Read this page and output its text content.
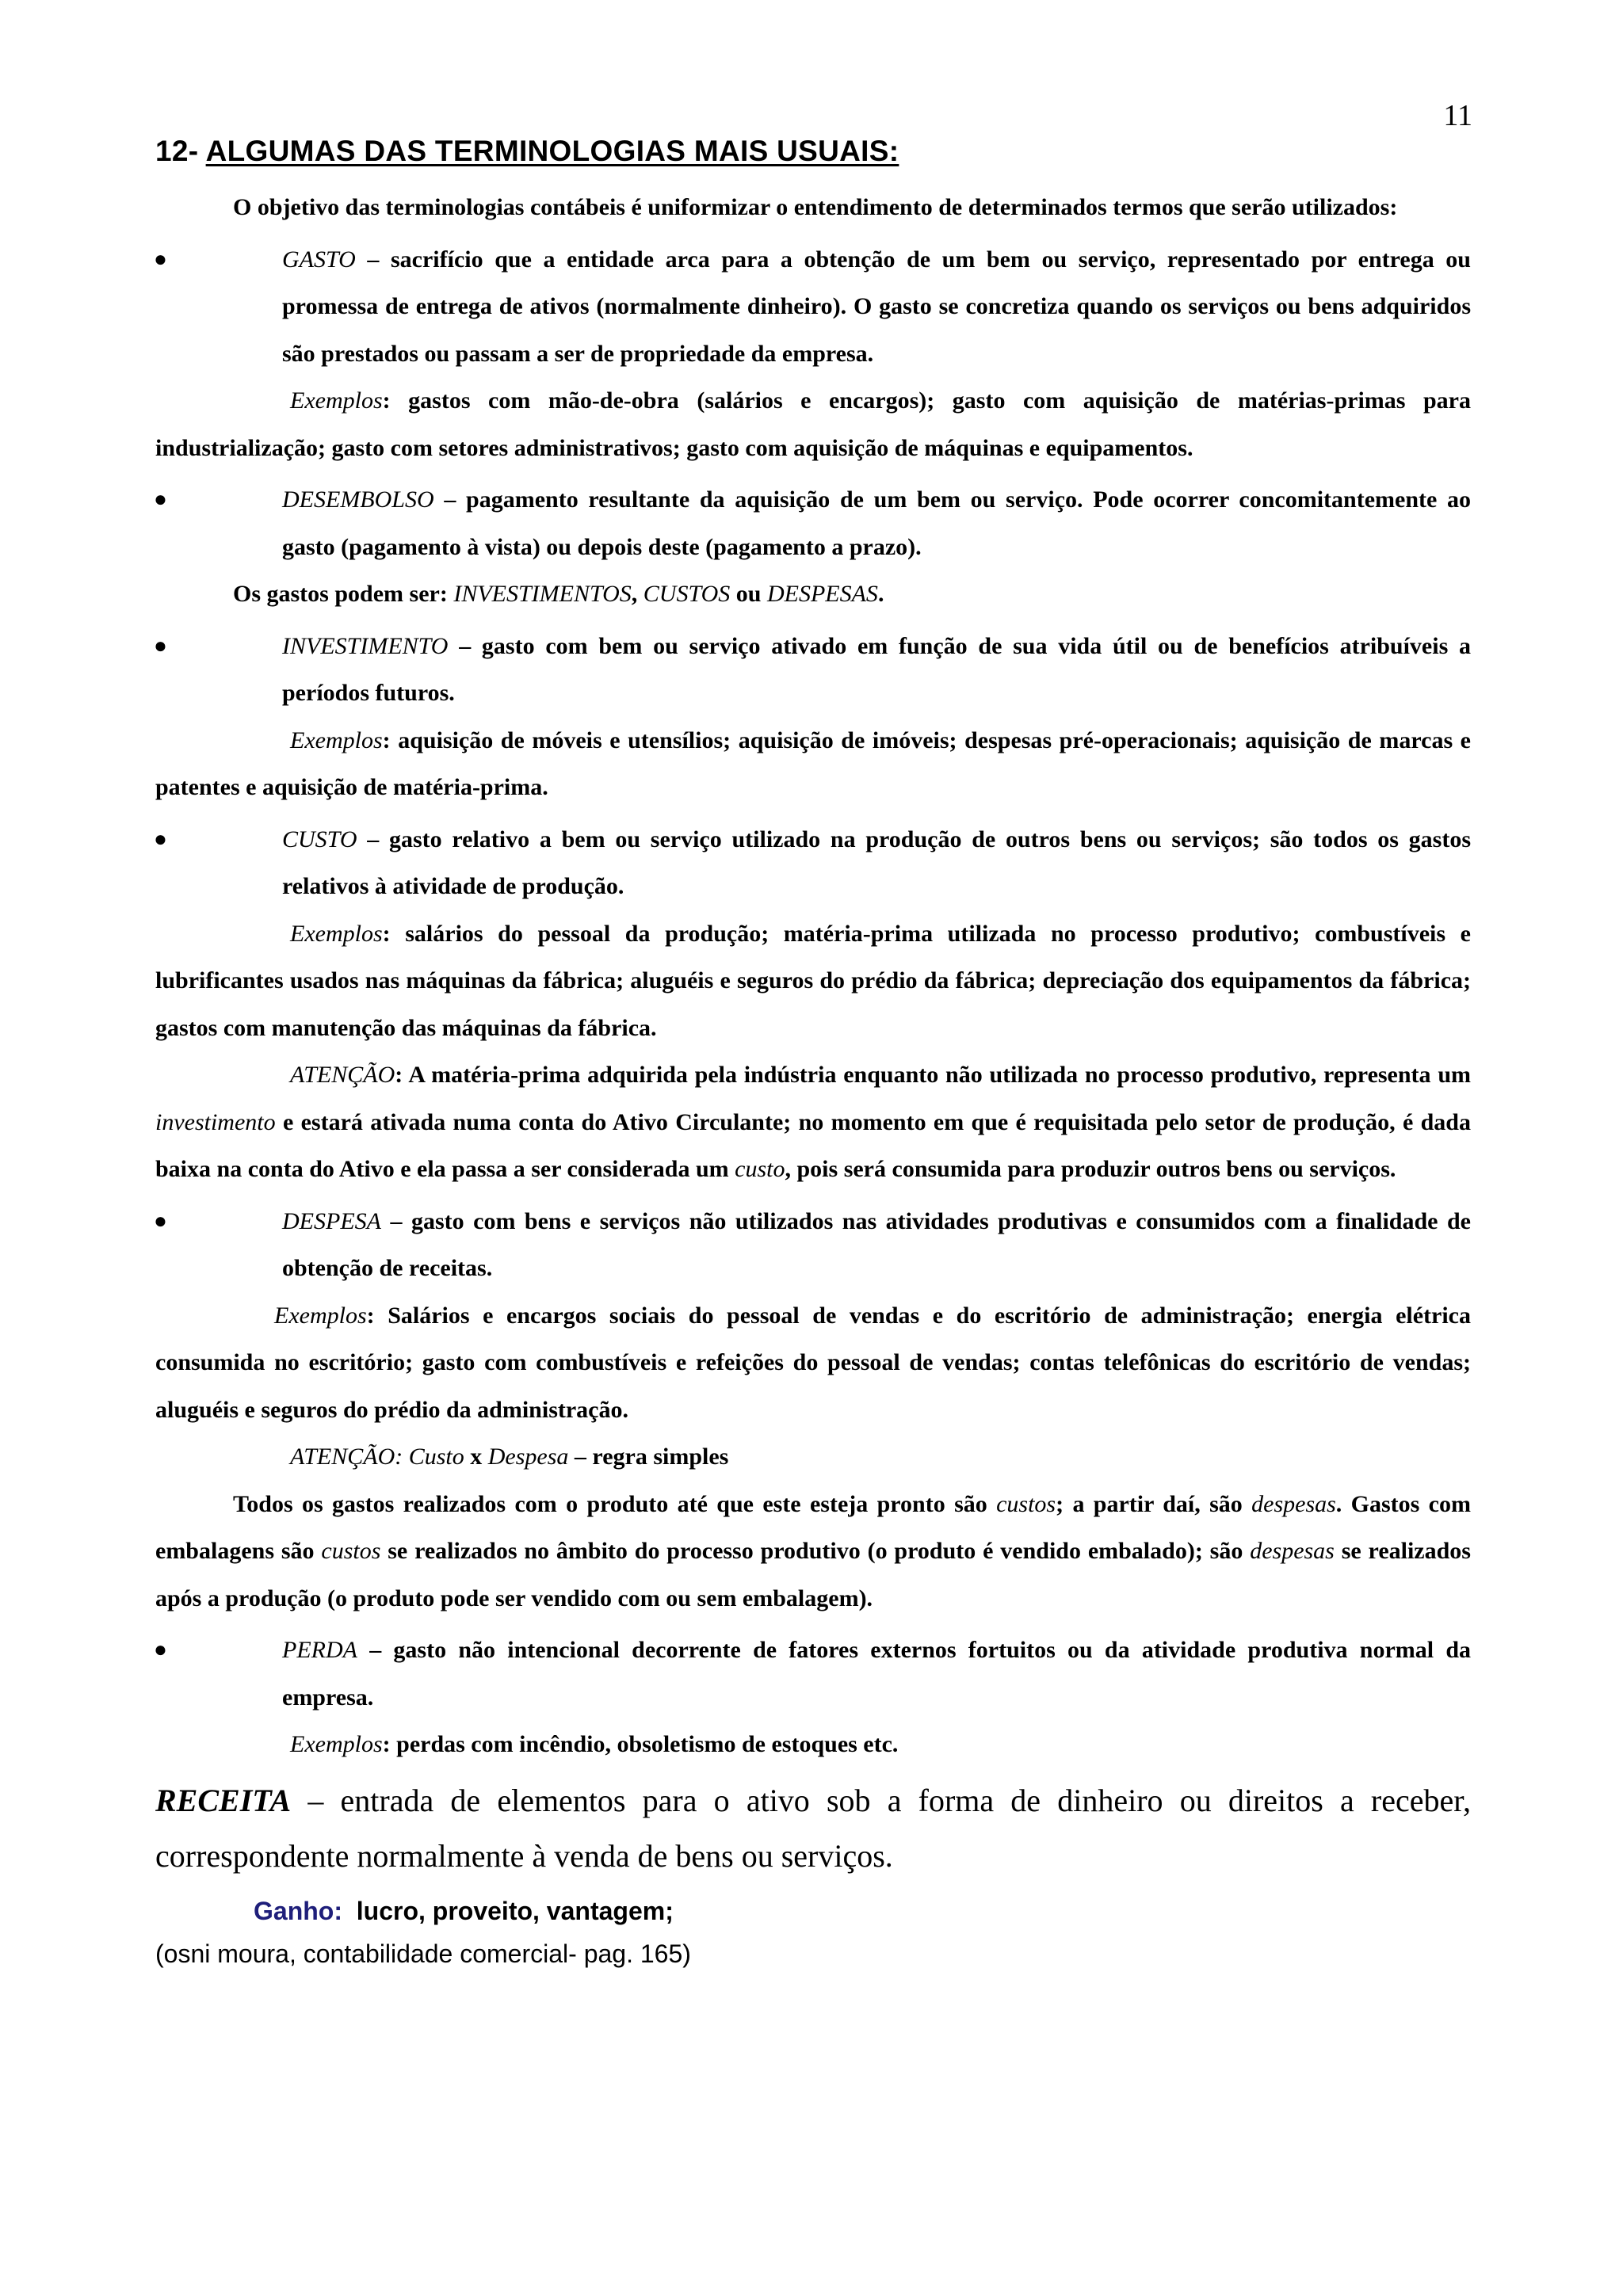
11
12- ALGUMAS DAS TERMINOLOGIAS MAIS USUAIS:

O objetivo das terminologias contábeis é uniformizar o entendimento de determinados termos que serão utilizados:

●	GASTO – sacrifício que a entidade arca para a obtenção de um bem ou serviço, representado por entrega ou promessa de entrega de ativos (normalmente dinheiro). O gasto se concretiza quando os serviços ou bens adquiridos são prestados ou passam a ser de propriedade da empresa.

Exemplos: gastos com mão-de-obra (salários e encargos); gasto com aquisição de matérias-primas para industrialização; gasto com setores administrativos; gasto com aquisição de máquinas e equipamentos.

●	DESEMBOLSO – pagamento resultante da aquisição de um bem ou serviço. Pode ocorrer concomitantemente ao gasto (pagamento à vista) ou depois deste (pagamento a prazo).

Os gastos podem ser: INVESTIMENTOS, CUSTOS ou DESPESAS.

●	INVESTIMENTO – gasto com bem ou serviço ativado em função de sua vida útil ou de benefícios atribuíveis a períodos futuros.

Exemplos: aquisição de móveis e utensílios; aquisição de imóveis; despesas pré-operacionais; aquisição de marcas e patentes e aquisição de matéria-prima.

●	CUSTO – gasto relativo a bem ou serviço utilizado na produção de outros bens ou serviços; são todos os gastos relativos à atividade de produção.

Exemplos: salários do pessoal da produção; matéria-prima utilizada no processo produtivo; combustíveis e lubrificantes usados nas máquinas da fábrica; aluguéis e seguros do prédio da fábrica; depreciação dos equipamentos da fábrica; gastos com manutenção das máquinas da fábrica.

ATENÇÃO: A matéria-prima adquirida pela indústria enquanto não utilizada no processo produtivo, representa um investimento e estará ativada numa conta do Ativo Circulante; no momento em que é requisitada pelo setor de produção, é dada baixa na conta do Ativo e ela passa a ser considerada um custo, pois será consumida para produzir outros bens ou serviços.

●	DESPESA – gasto com bens e serviços não utilizados nas atividades produtivas e consumidos com a finalidade de obtenção de receitas.

Exemplos: Salários e encargos sociais do pessoal de vendas e do escritório de administração; energia elétrica consumida no escritório; gasto com combustíveis e refeições do pessoal de vendas; contas telefônicas do escritório de vendas; aluguéis e seguros do prédio da administração.

ATENÇÃO: Custo x Despesa – regra simples

Todos os gastos realizados com o produto até que este esteja pronto são custos; a partir daí, são despesas. Gastos com embalagens são custos se realizados no âmbito do processo produtivo (o produto é vendido embalado); são despesas se realizados após a produção (o produto pode ser vendido com ou sem embalagem).

●	PERDA – gasto não intencional decorrente de fatores externos fortuitos ou da atividade produtiva normal da empresa.

Exemplos: perdas com incêndio, obsoletismo de estoques etc.

RECEITA – entrada de elementos para o ativo sob a forma de dinheiro ou direitos a receber, correspondente normalmente à venda de bens ou serviços.

Ganho:  lucro, proveito, vantagem;

(osni moura, contabilidade comercial- pag. 165)
